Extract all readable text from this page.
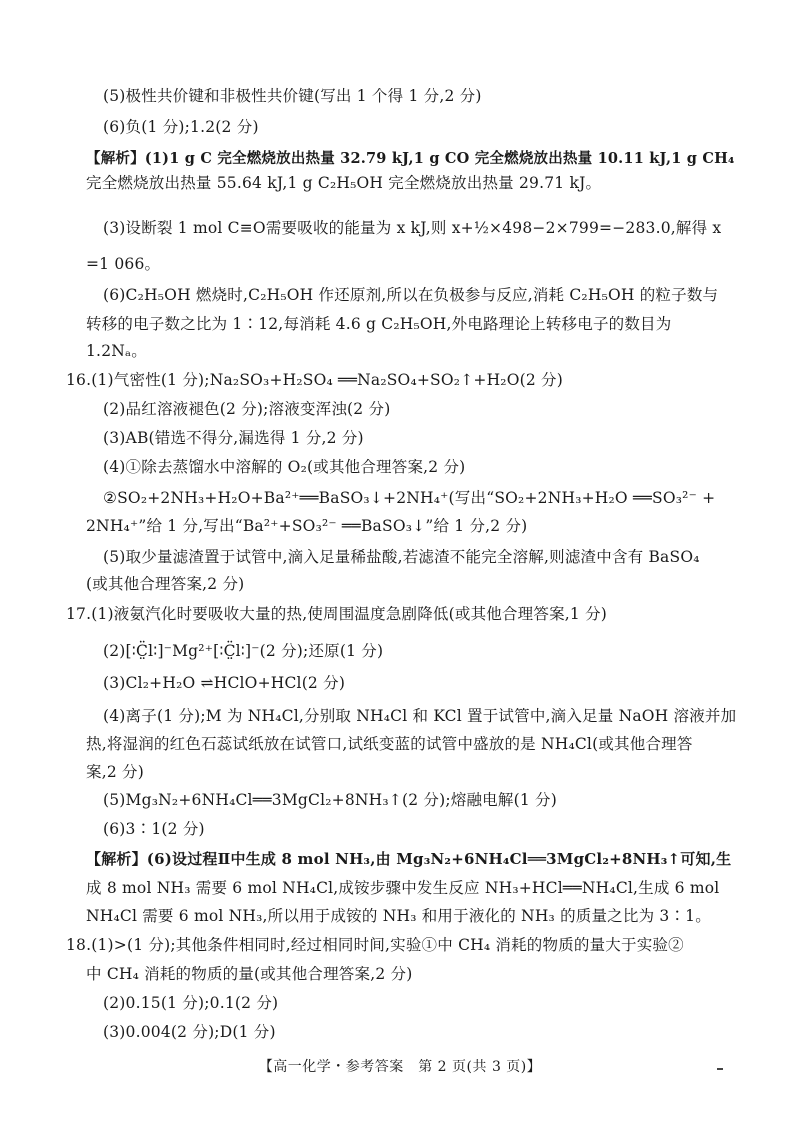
(5)极性共价键和非极性共价键(写出 1 个得 1 分,2 分)
(6)负(1 分);1.2(2 分)
【解析】(1)1 g C 完全燃烧放出热量 32.79 kJ,1 g CO 完全燃烧放出热量 10.11 kJ,1 g CH₄
完全燃烧放出热量 55.64 kJ,1 g C₂H₅OH 完全燃烧放出热量 29.71 kJ。
(3)设断裂 1 mol C≡O需要吸收的能量为 x kJ,则 x+½×498−2×799=−283.0,解得 x
=1 066。
(6)C₂H₅OH 燃烧时,C₂H₅OH 作还原剂,所以在负极参与反应,消耗 C₂H₅OH 的粒子数与
转移的电子数之比为 1∶12,每消耗 4.6 g C₂H₅OH,外电路理论上转移电子的数目为
1.2Nₐ。
16.(1)气密性(1 分);Na₂SO₃+H₂SO₄ ══Na₂SO₄+SO₂↑+H₂O(2 分)
(2)品红溶液褪色(2 分);溶液变浑浊(2 分)
(3)AB(错选不得分,漏选得 1 分,2 分)
(4)①除去蒸馏水中溶解的 O₂(或其他合理答案,2 分)
②SO₂+2NH₃+H₂O+Ba²⁺══BaSO₃↓+2NH₄⁺(写出“SO₂+2NH₃+H₂O ══SO₃²⁻ +
2NH₄⁺”给 1 分,写出“Ba²⁺+SO₃²⁻ ══BaSO₃↓”给 1 分,2 分)
(5)取少量滤渣置于试管中,滴入足量稀盐酸,若滤渣不能完全溶解,则滤渣中含有 BaSO₄
(或其他合理答案,2 分)
17.(1)液氨汽化时要吸收大量的热,使周围温度急剧降低(或其他合理答案,1 分)
(2)[∶C̤̈l∶]⁻Mg²⁺[∶C̤̈l∶]⁻(2 分);还原(1 分)
(3)Cl₂+H₂O ⇌HClO+HCl(2 分)
(4)离子(1 分);M 为 NH₄Cl,分别取 NH₄Cl 和 KCl 置于试管中,滴入足量 NaOH 溶液并加
热,将湿润的红色石蕊试纸放在试管口,试纸变蓝的试管中盛放的是 NH₄Cl(或其他合理答
案,2 分)
(5)Mg₃N₂+6NH₄Cl══3MgCl₂+8NH₃↑(2 分);熔融电解(1 分)
(6)3∶1(2 分)
【解析】(6)设过程Ⅱ中生成 8 mol NH₃,由 Mg₃N₂+6NH₄Cl══3MgCl₂+8NH₃↑可知,生
成 8 mol NH₃ 需要 6 mol NH₄Cl,成铵步骤中发生反应 NH₃+HCl══NH₄Cl,生成 6 mol
NH₄Cl 需要 6 mol NH₃,所以用于成铵的 NH₃ 和用于液化的 NH₃ 的质量之比为 3∶1。
18.(1)>(1 分);其他条件相同时,经过相同时间,实验①中 CH₄ 消耗的物质的量大于实验②
中 CH₄ 消耗的物质的量(或其他合理答案,2 分)
(2)0.15(1 分);0.1(2 分)
(3)0.004(2 分);D(1 分)
【高一化学・参考答案　第 2 页(共 3 页)】
